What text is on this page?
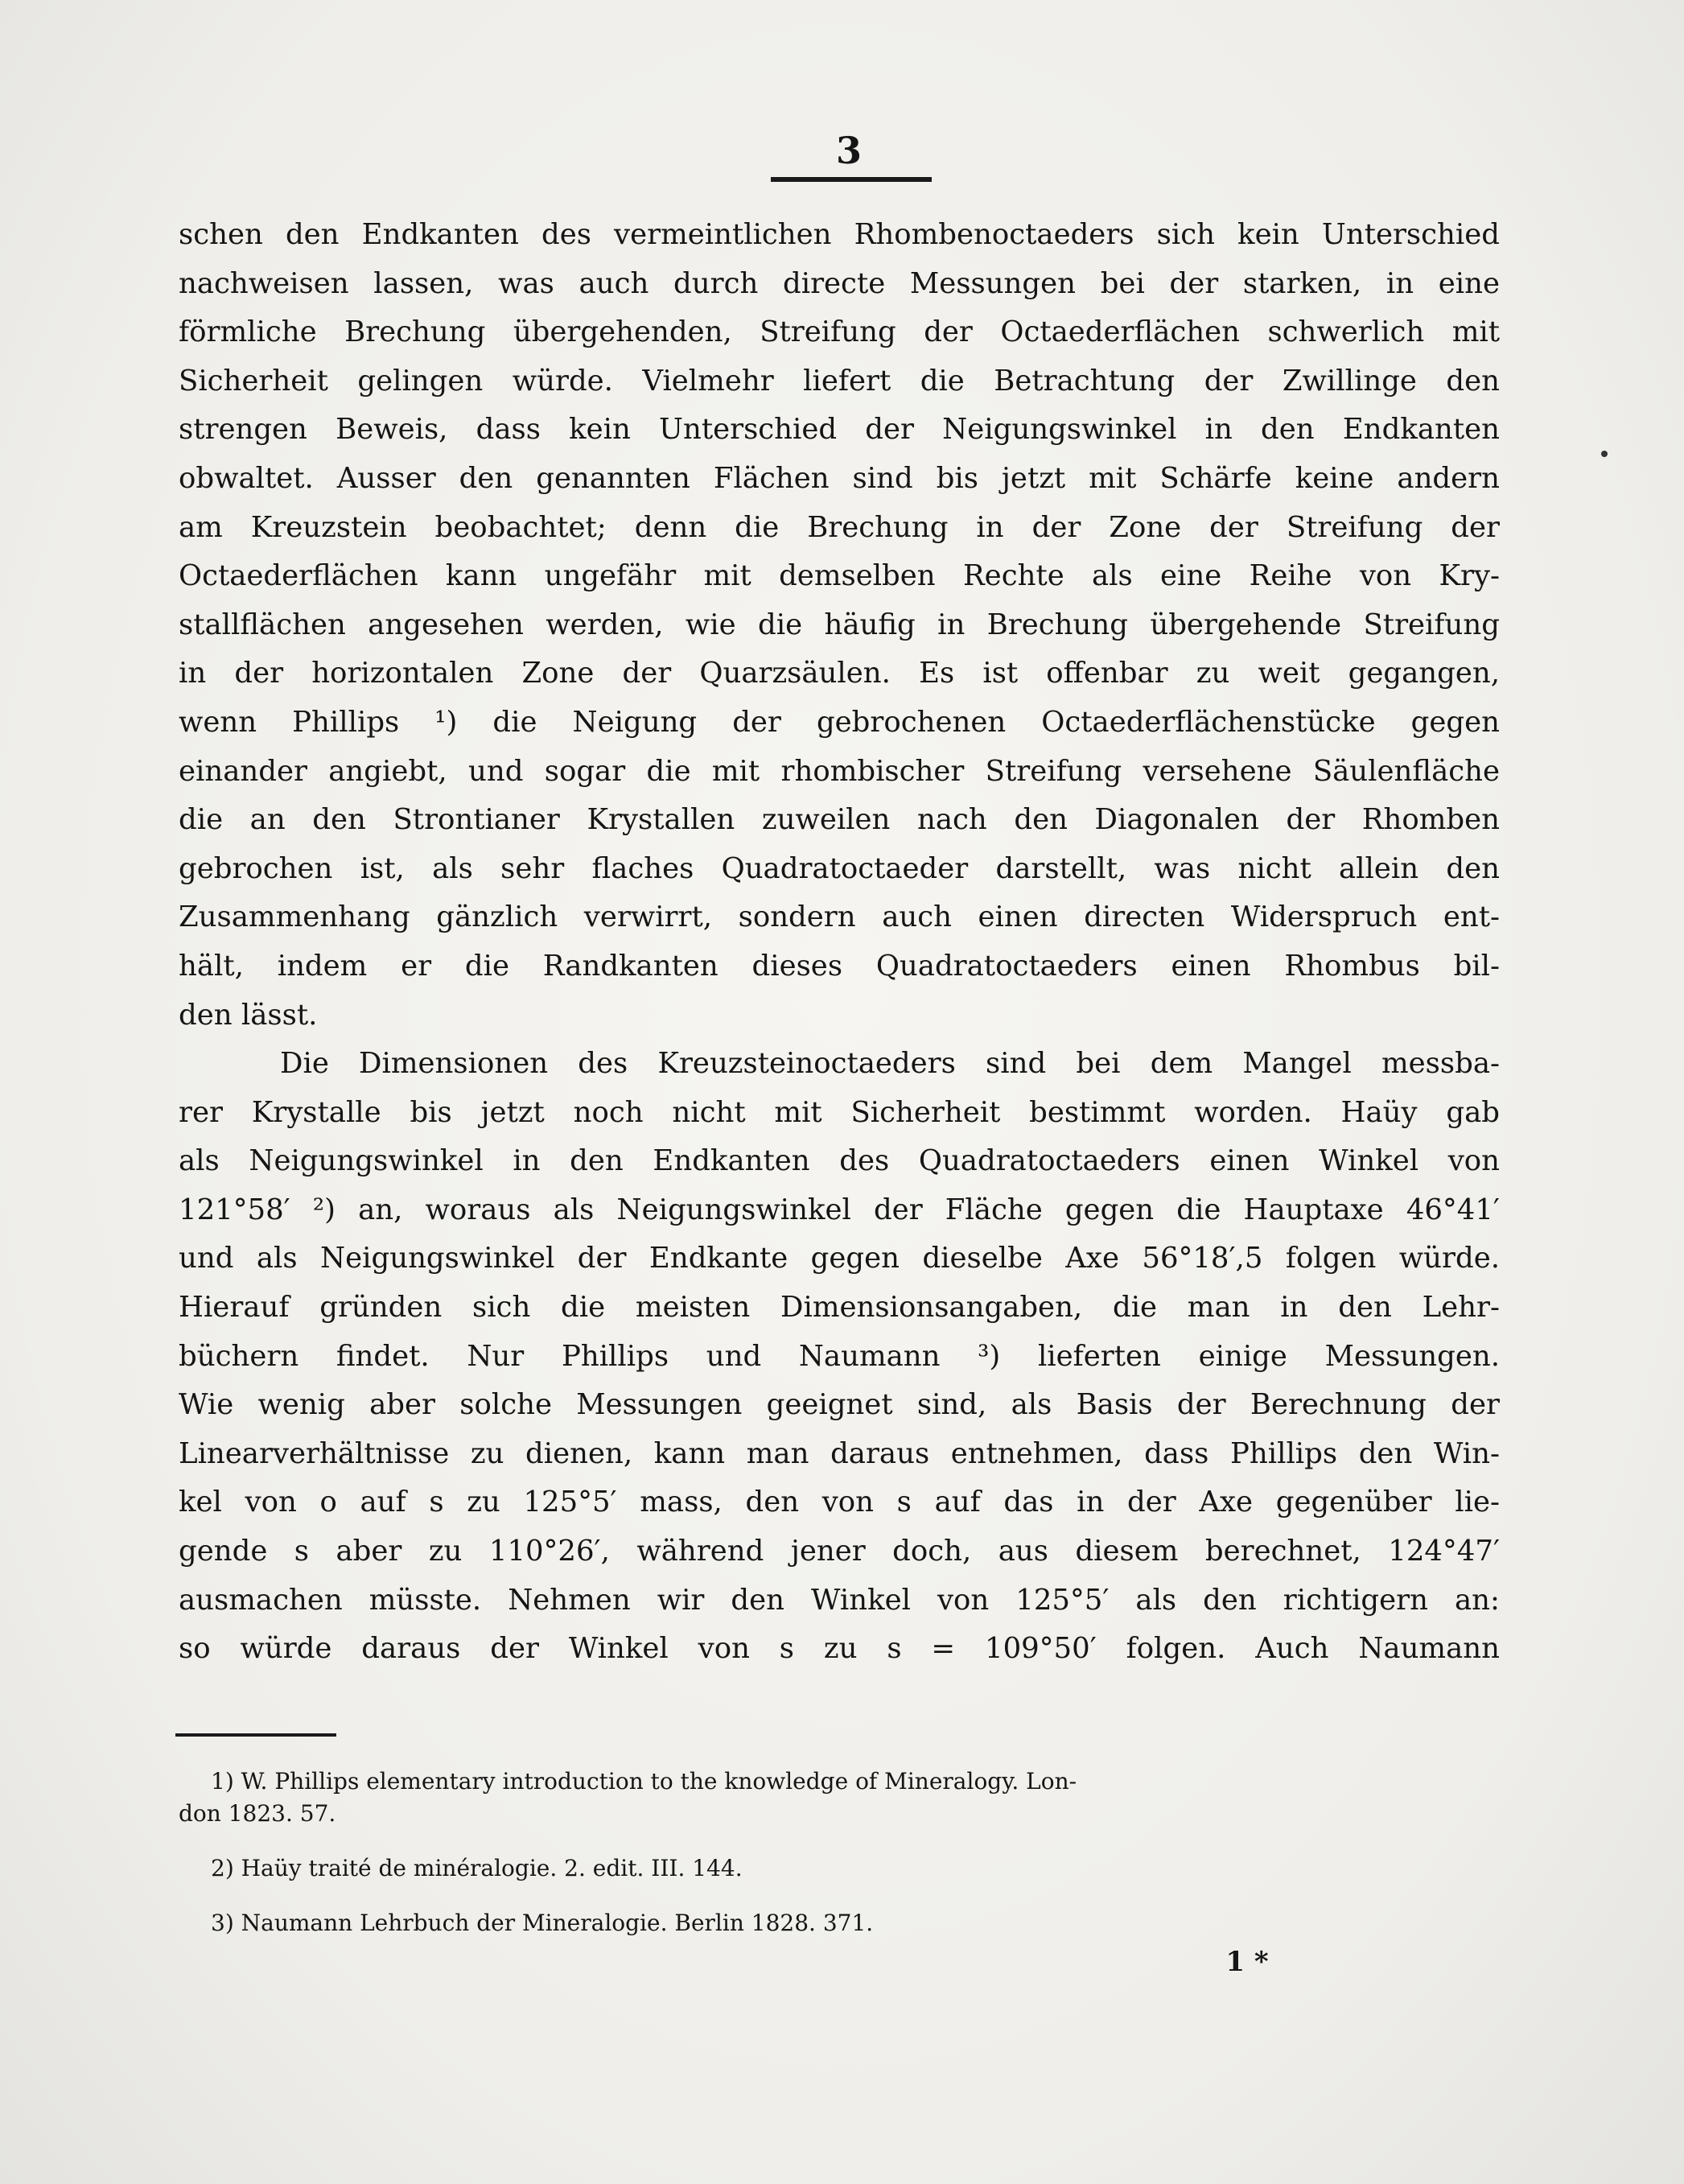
3
schen den Endkanten des vermeintlichen Rhombenoctaeders sich kein Unterschied
nachweisen lassen, was auch durch directe Messungen bei der starken, in eine
förmliche Brechung übergehenden, Streifung der Octaederflächen schwerlich mit
Sicherheit gelingen würde. Vielmehr liefert die Betrachtung der Zwillinge den
strengen Beweis, dass kein Unterschied der Neigungswinkel in den Endkanten
obwaltet. Ausser den genannten Flächen sind bis jetzt mit Schärfe keine andern
am Kreuzstein beobachtet; denn die Brechung in der Zone der Streifung der
Octaederflächen kann ungefähr mit demselben Rechte als eine Reihe von Kry-
stallflächen angesehen werden, wie die häufig in Brechung übergehende Streifung
in der horizontalen Zone der Quarzsäulen. Es ist offenbar zu weit gegangen,
wenn Phillips ¹) die Neigung der gebrochenen Octaederflächenstücke gegen
einander angiebt, und sogar die mit rhombischer Streifung versehene Säulenfläche
die an den Strontianer Krystallen zuweilen nach den Diagonalen der Rhomben
gebrochen ist, als sehr flaches Quadratoctaeder darstellt, was nicht allein den
Zusammenhang gänzlich verwirrt, sondern auch einen directen Widerspruch ent-
hält, indem er die Randkanten dieses Quadratoctaeders einen Rhombus bil-
den lässt.
Die Dimensionen des Kreuzsteinoctaeders sind bei dem Mangel messba-
rer Krystalle bis jetzt noch nicht mit Sicherheit bestimmt worden. Haüy gab
als Neigungswinkel in den Endkanten des Quadratoctaeders einen Winkel von
121°58′ ²) an, woraus als Neigungswinkel der Fläche gegen die Hauptaxe 46°41′
und als Neigungswinkel der Endkante gegen dieselbe Axe 56°18′,5 folgen würde.
Hierauf gründen sich die meisten Dimensionsangaben, die man in den Lehr-
büchern findet. Nur Phillips und Naumann ³) lieferten einige Messungen.
Wie wenig aber solche Messungen geeignet sind, als Basis der Berechnung der
Linearverhältnisse zu dienen, kann man daraus entnehmen, dass Phillips den Win-
kel von o auf s zu 125°5′ mass, den von s auf das in der Axe gegenüber lie-
gende s aber zu 110°26′, während jener doch, aus diesem berechnet, 124°47′
ausmachen müsste. Nehmen wir den Winkel von 125°5′ als den richtigern an:
so würde daraus der Winkel von s zu s = 109°50′ folgen. Auch Naumann
1) W. Phillips elementary introduction to the knowledge of Mineralogy. Lon-
don 1823. 57.
2) Haüy traité de minéralogie. 2. edit. III. 144.
3) Naumann Lehrbuch der Mineralogie. Berlin 1828. 371.
1 *
